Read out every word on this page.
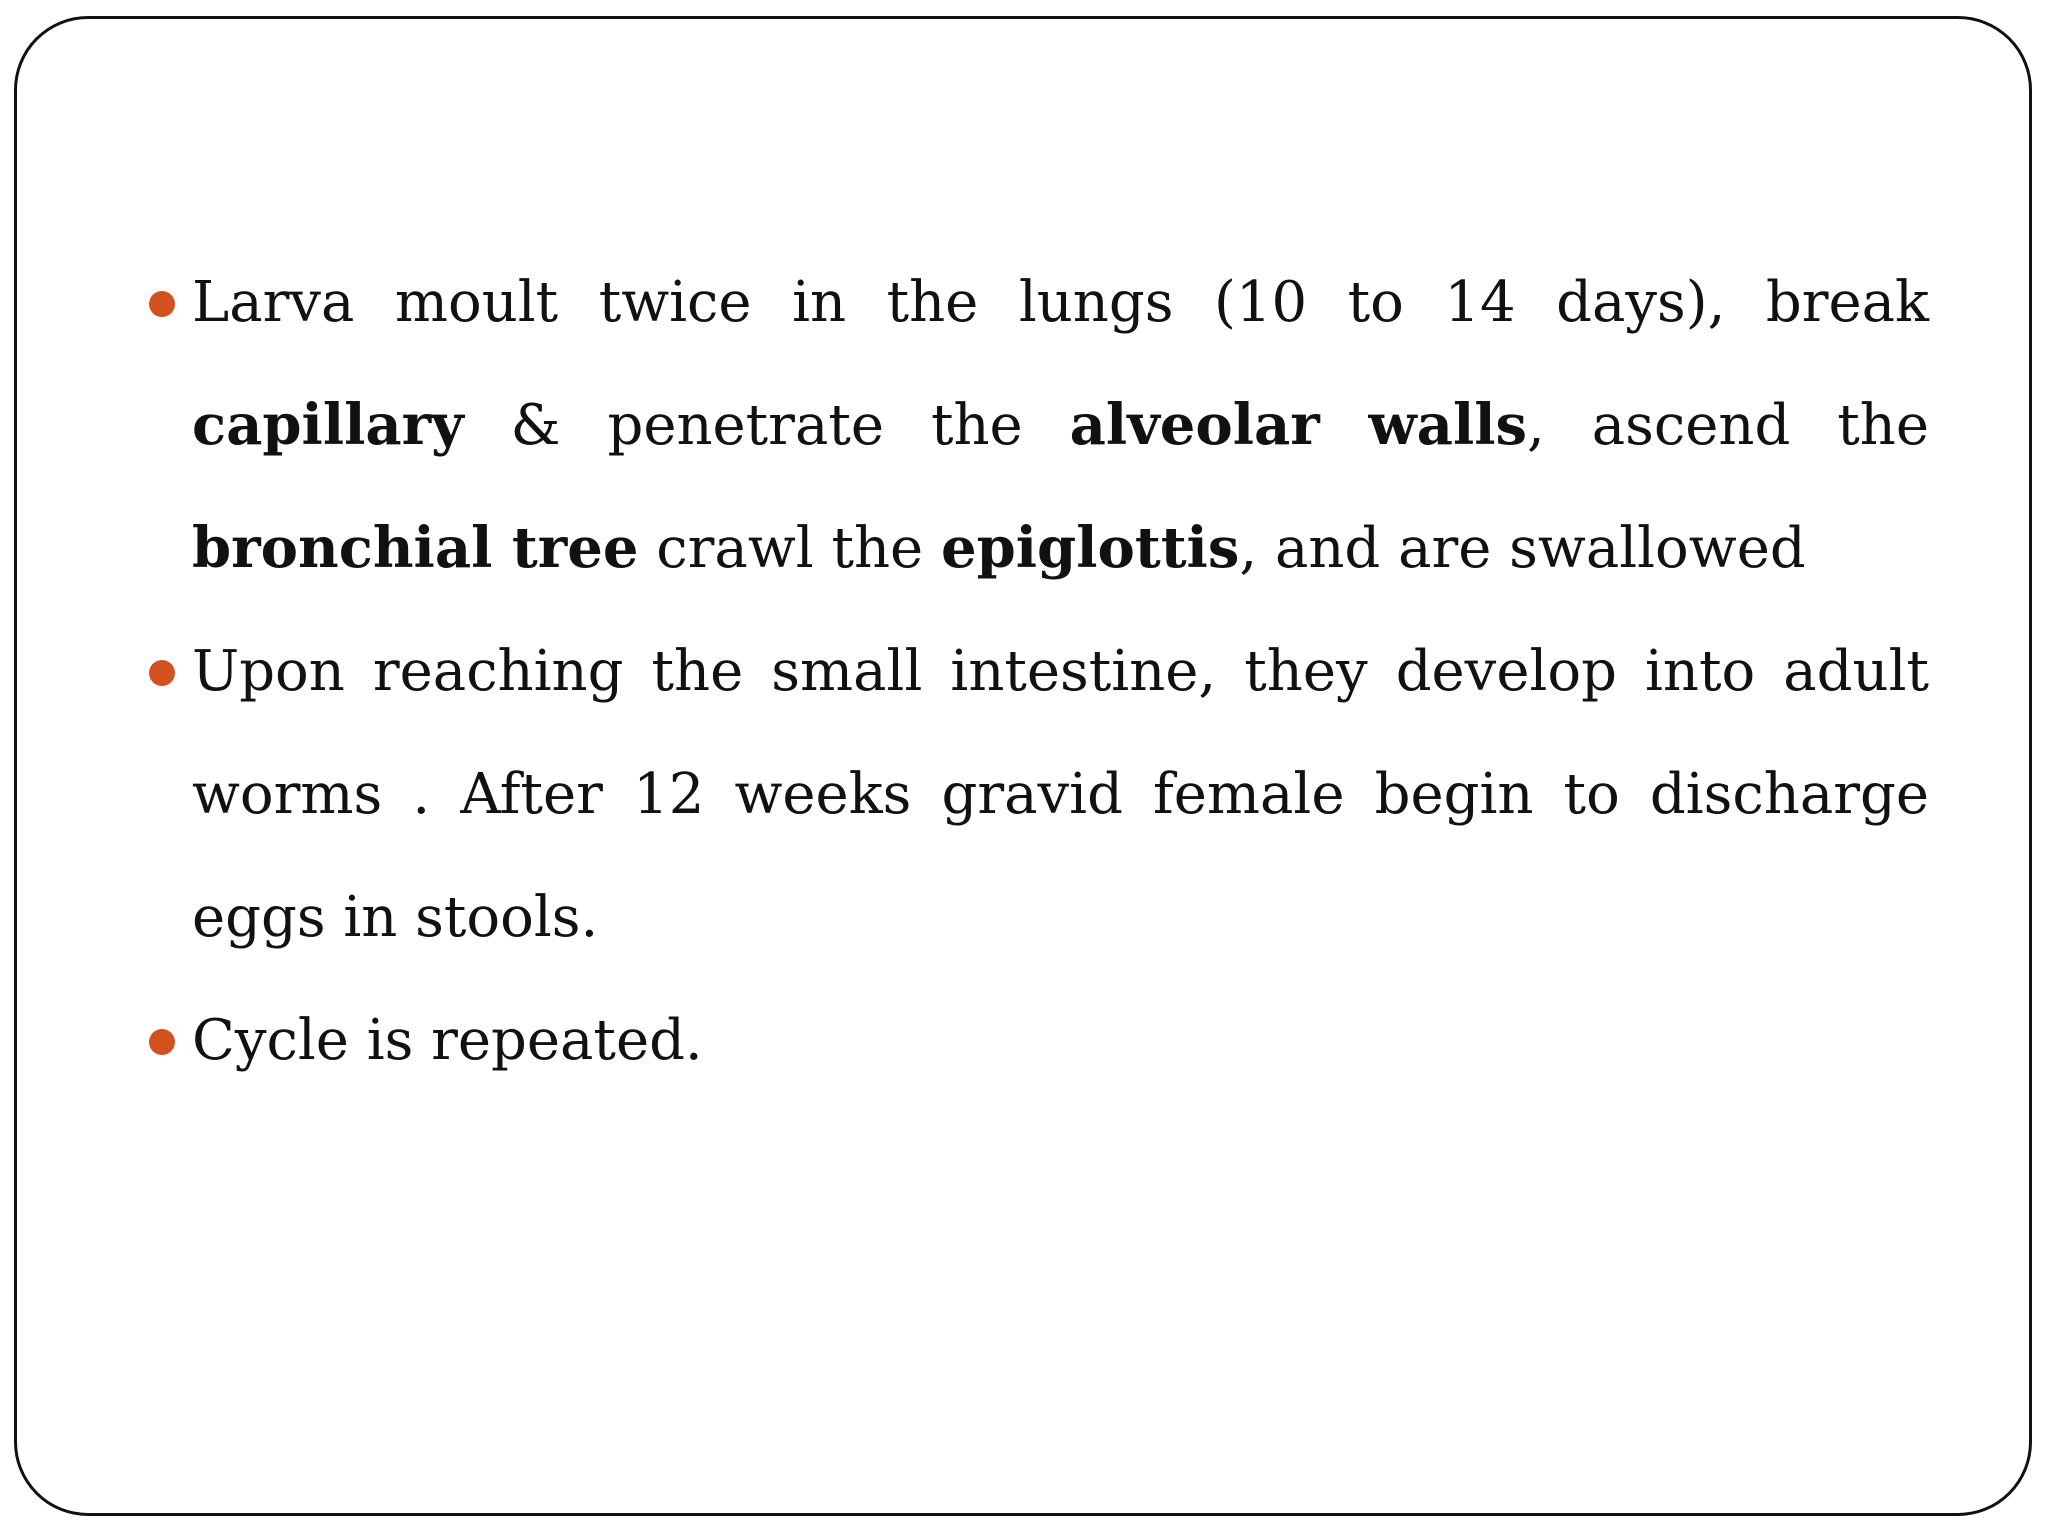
Larva moult twice in the lungs (10 to 14 days), break capillary & penetrate the alveolar walls, ascend the bronchial tree crawl the epiglottis, and are swallowed
Upon reaching the small intestine, they develop into adult worms . After 12 weeks gravid female begin to discharge eggs in stools.
Cycle is repeated.
